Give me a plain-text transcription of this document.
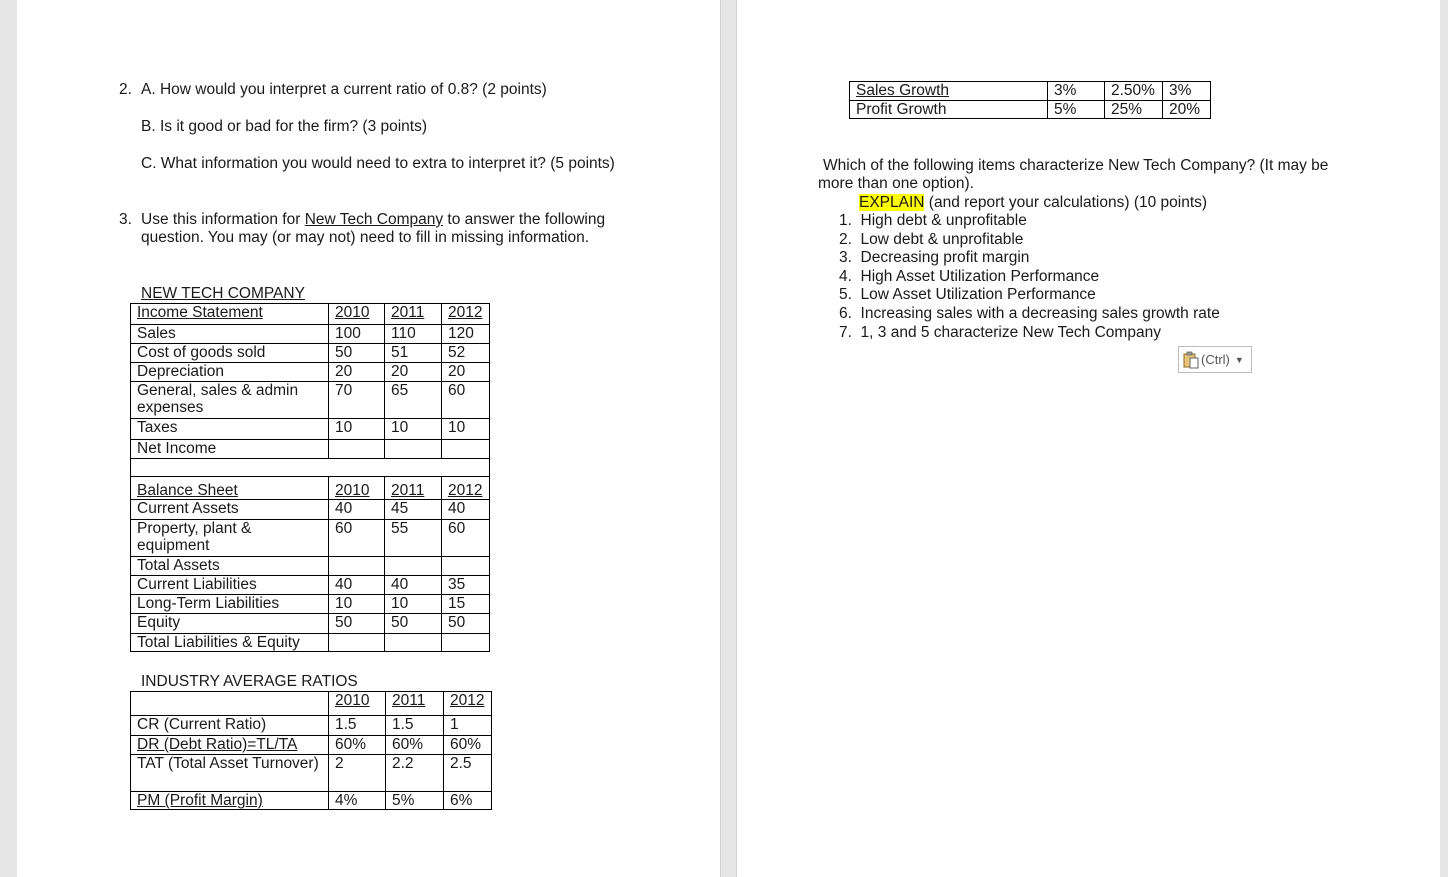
2. A. How would you interpret a current ratio of 0.8? (2 points)
B. Is it good or bad for the firm? (3 points)
C. What information you would need to extra to interpret it? (5 points)
3. Use this information for New Tech Company to answer the following
question. You may (or may not) need to fill in missing information.
NEW TECH COMPANY
Income Statement	2010	2011	2012
Sales	100	110	120
Cost of goods sold	50	51	52
Depreciation	20	20	20
General, sales & admin expenses	70	65	60
Taxes	10	10	10
Net Income			

Balance Sheet	2010	2011	2012
Current Assets	40	45	40
Property, plant & equipment	60	55	60
Total Assets			
Current Liabilities	40	40	35
Long-Term Liabilities	10	10	15
Equity	50	50	50
Total Liabilities & Equity			
INDUSTRY AVERAGE RATIOS
	2010	2011	2012
CR (Current Ratio)	1.5	1.5	1
DR (Debt Ratio)=TL/TA	60%	60%	60%
TAT (Total Asset Turnover)	2	2.2	2.5
PM (Profit Margin)	4%	5%	6%
Sales Growth	3%	2.50%	3%
Profit Growth	5%	25%	20%
Which of the following items characterize New Tech Company? (It may be
more than one option).
EXPLAIN (and report your calculations) (10 points)
1.  High debt & unprofitable
2.  Low debt & unprofitable
3.  Decreasing profit margin
4.  High Asset Utilization Performance
5.  Low Asset Utilization Performance
6.  Increasing sales with a decreasing sales growth rate
7.  1, 3 and 5 characterize New Tech Company
(Ctrl) ▼
